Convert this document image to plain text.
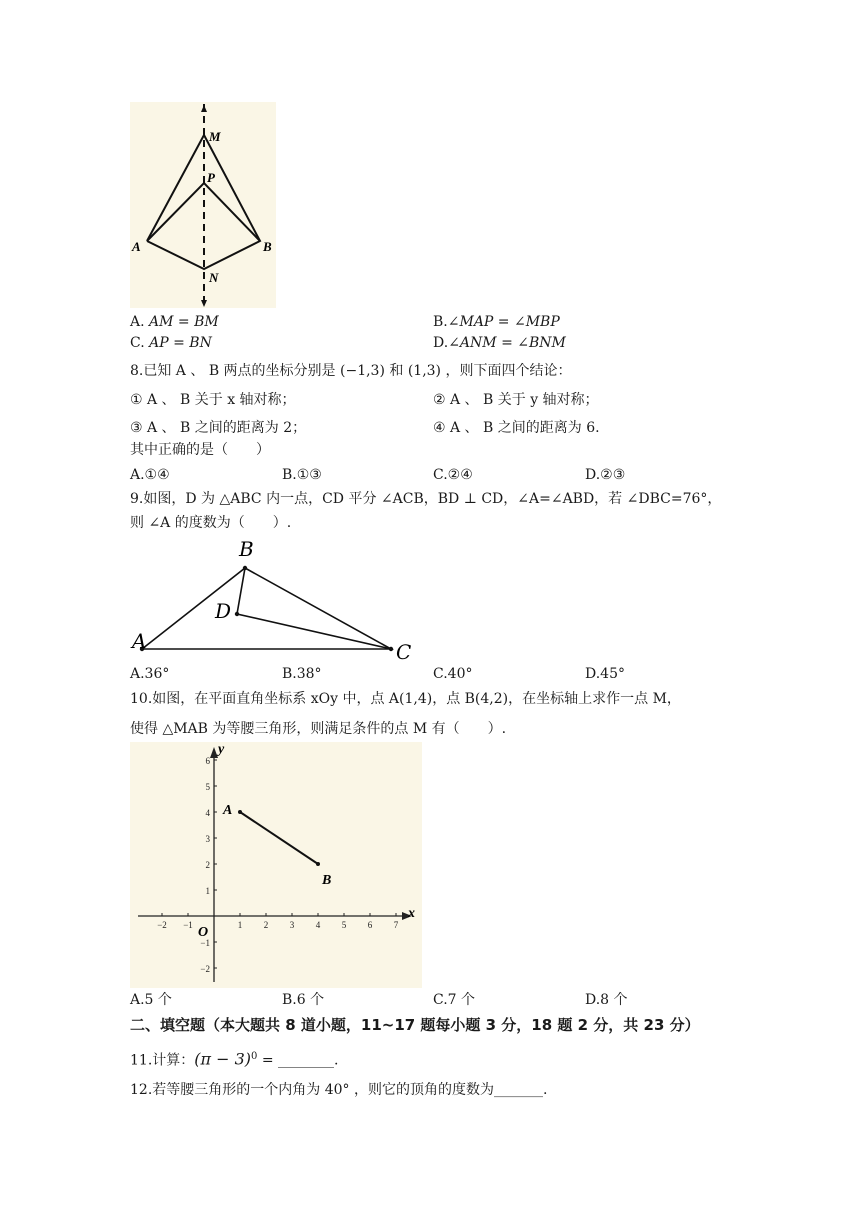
M
P
A	B
N
A. AM = BM	B.∠MAP = ∠MBP
C. AP = BN	D.∠ANM = ∠BNM
8.已知 A 、 B 两点的坐标分别是 (−1,3) 和 (1,3) ，则下面四个结论：
① A 、 B 关于 x 轴对称；	② A 、 B 关于 y 轴对称；
③ A 、 B 之间的距离为 2；	④ A 、 B 之间的距离为 6.
其中正确的是（　　）
A.①④	B.①③	C.②④	D.②③
9.如图，D 为 △ABC 内一点，CD 平分 ∠ACB，BD ⊥ CD，∠A=∠ABD，若 ∠DBC=76°，
则 ∠A 的度数为（　　）.
B
D
A	C
A.36°	B.38°	C.40°	D.45°
10.如图，在平面直角坐标系 xOy 中，点 A(1,4)，点 B(4,2)，在坐标轴上求作一点 M，
使得 △MAB 为等腰三角形，则满足条件的点 M 有（　　）.
x
y
O
−2 −1	1 2 3 4 5 6 7
6
5
4
3
2
1
−1
−2
A
B
A.5 个	B.6 个	C.7 个	D.8 个
二、填空题（本大题共 8 道小题，11~17 题每小题 3 分，18 题 2 分，共 23 分）
11.计算：$(\pi - 3)^0$ = ________.
12.若等腰三角形的一个内角为 40° ，则它的顶角的度数为_______.
